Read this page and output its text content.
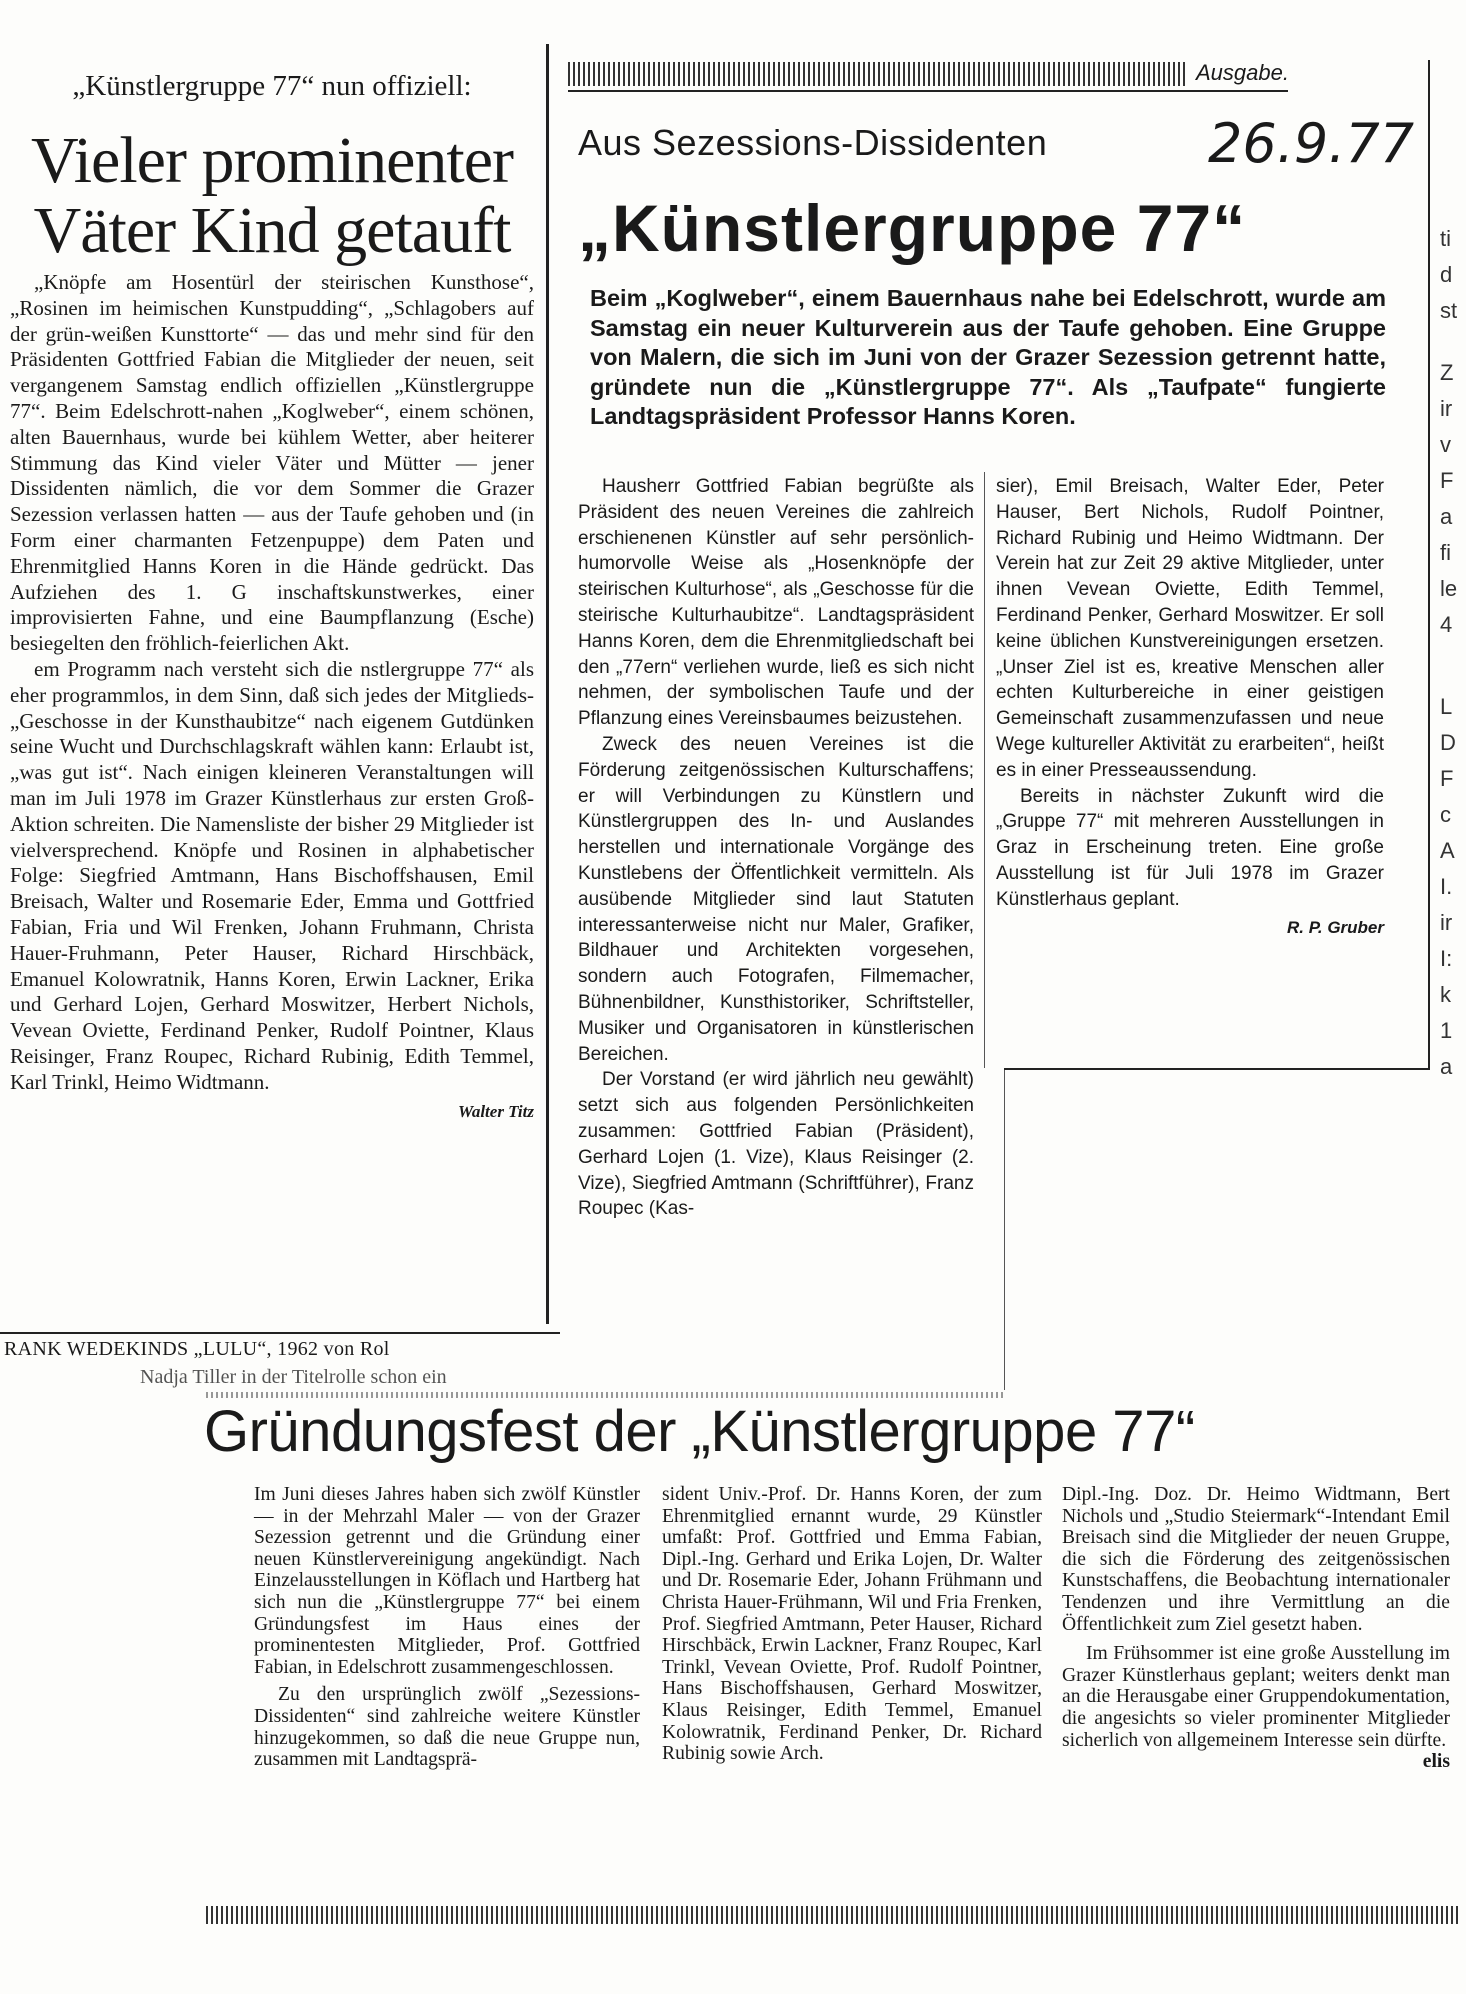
„Künstlergruppe 77“ nun offiziell:
Vieler prominenter
Väter Kind getauft

„Knöpfe am Hosentürl der steirischen Kunsthose“, „Rosinen im heimischen Kunstpudding“, „Schlagobers auf der grün-weißen Kunsttorte“ — das und mehr sind für den Präsidenten Gottfried Fabian die Mitglieder der neuen, seit vergangenem Samstag endlich offiziellen „Künstlergruppe 77“. Beim Edelschrott-nahen „Koglweber“, einem schönen, alten Bauernhaus, wurde bei kühlem Wetter, aber heiterer Stimmung das Kind vieler Väter und Mütter — jener Dissidenten nämlich, die vor dem Sommer die Grazer Sezession verlassen hatten — aus der Taufe gehoben und (in Form einer charmanten Fetzenpuppe) dem Paten und Ehrenmitglied Hanns Koren in die Hände gedrückt. Das Aufziehen des 1. G inschaftskunstwerkes, einer improvisierten Fahne, und eine Baumpflanzung (Esche) besiegelten den fröhlich-feierlichen Akt.

em Programm nach versteht sich die nstlergruppe 77“ als eher programmlos, in dem Sinn, daß sich jedes der Mitglieds-„Geschosse in der Kunsthaubitze“ nach eigenem Gutdünken seine Wucht und Durchschlagskraft wählen kann: Erlaubt ist, „was gut ist“. Nach einigen kleineren Veranstaltungen will man im Juli 1978 im Grazer Künstlerhaus zur ersten Groß-Aktion schreiten. Die Namensliste der bisher 29 Mitglieder ist vielversprechend. Knöpfe und Rosinen in alphabetischer Folge: Siegfried Amtmann, Hans Bischoffshausen, Emil Breisach, Walter und Rosemarie Eder, Emma und Gottfried Fabian, Fria und Wil Frenken, Johann Fruhmann, Christa Hauer-Fruhmann, Peter Hauser, Richard Hirschbäck, Emanuel Kolowratnik, Hanns Koren, Erwin Lackner, Erika und Gerhard Lojen, Gerhard Moswitzer, Herbert Nichols, Vevean Oviette, Ferdinand Penker, Rudolf Pointner, Klaus Reisinger, Franz Roupec, Richard Rubinig, Edith Temmel, Karl Trinkl, Heimo Widtmann.

Walter Titz
Ausgabe.
Aus Sezessions-Dissidenten	26.9.77
„Künstlergruppe 77“
Beim „Koglweber“, einem Bauernhaus nahe bei Edelschrott, wurde am Samstag ein neuer Kulturverein aus der Taufe gehoben. Eine Gruppe von Malern, die sich im Juni von der Grazer Sezession getrennt hatte, gründete nun die „Künstlergruppe 77“. Als „Taufpate“ fungierte Landtagspräsident Professor Hanns Koren.

Hausherr Gottfried Fabian begrüßte als Präsident des neuen Vereines die zahlreich erschienenen Künstler auf sehr persönlich-humorvolle Weise als „Hosenknöpfe der steirischen Kulturhose“, als „Geschosse für die steirische Kulturhaubitze“. Landtagspräsident Hanns Koren, dem die Ehrenmitgliedschaft bei den „77ern“ verliehen wurde, ließ es sich nicht nehmen, der symbolischen Taufe und der Pflanzung eines Vereinsbaumes beizustehen.

Zweck des neuen Vereines ist die Förderung zeitgenössischen Kulturschaffens; er will Verbindungen zu Künstlern und Künstlergruppen des In- und Auslandes herstellen und internationale Vorgänge des Kunstlebens der Öffentlichkeit vermitteln. Als ausübende Mitglieder sind laut Statuten interessanterweise nicht nur Maler, Grafiker, Bildhauer und Architekten vorgesehen, sondern auch Fotografen, Filmemacher, Bühnenbildner, Kunsthistoriker, Schriftsteller, Musiker und Organisatoren in künstlerischen Bereichen.

Der Vorstand (er wird jährlich neu gewählt) setzt sich aus folgenden Persönlichkeiten zusammen: Gottfried Fabian (Präsident), Gerhard Lojen (1. Vize), Klaus Reisinger (2. Vize), Siegfried Amtmann (Schriftführer), Franz Roupec (Kas-

sier), Emil Breisach, Walter Eder, Peter Hauser, Bert Nichols, Rudolf Pointner, Richard Rubinig und Heimo Widtmann. Der Verein hat zur Zeit 29 aktive Mitglieder, unter ihnen Vevean Oviette, Edith Temmel, Ferdinand Penker, Gerhard Moswitzer. Er soll keine üblichen Kunstvereinigungen ersetzen. „Unser Ziel ist es, kreative Menschen aller echten Kulturbereiche in einer geistigen Gemeinschaft zusammenzufassen und neue Wege kultureller Aktivität zu erarbeiten“, heißt es in einer Presseaussendung.

Bereits in nächster Zukunft wird die „Gruppe 77“ mit mehreren Ausstellungen in Graz in Erscheinung treten. Eine große Ausstellung ist für Juli 1978 im Grazer Künstlerhaus geplant.

R. P. Gruber
ti
d
st
Z
ir
v
F
a
fi
le
4
L
D
F
c
A
I.
ir
I:
k
1
a
RANK WEDEKINDS „LULU“, 1962 von Rol
Nadja Tiller in der Titelrolle schon ein
Gründungsfest der „Künstlergruppe 77“

Im Juni dieses Jahres haben sich zwölf Künstler — in der Mehrzahl Maler — von der Grazer Sezession getrennt und die Gründung einer neuen Künstlervereinigung angekündigt. Nach Einzelausstellungen in Köflach und Hartberg hat sich nun die „Künstlergruppe 77“ bei einem Gründungsfest im Haus eines der prominentesten Mitglieder, Prof. Gottfried Fabian, in Edelschrott zusammengeschlossen.

Zu den ursprünglich zwölf „Sezessions-Dissidenten“ sind zahlreiche weitere Künstler hinzugekommen, so daß die neue Gruppe nun, zusammen mit Landtagsprä-

sident Univ.-Prof. Dr. Hanns Koren, der zum Ehrenmitglied ernannt wurde, 29 Künstler umfaßt: Prof. Gottfried und Emma Fabian, Dipl.-Ing. Gerhard und Erika Lojen, Dr. Walter und Dr. Rosemarie Eder, Johann Frühmann und Christa Hauer-Frühmann, Wil und Fria Frenken, Prof. Siegfried Amtmann, Peter Hauser, Richard Hirschbäck, Erwin Lackner, Franz Roupec, Karl Trinkl, Vevean Oviette, Prof. Rudolf Pointner, Hans Bischoffshausen, Gerhard Moswitzer, Klaus Reisinger, Edith Temmel, Emanuel Kolowratnik, Ferdinand Penker, Dr. Richard Rubinig sowie Arch.

Dipl.-Ing. Doz. Dr. Heimo Widtmann, Bert Nichols und „Studio Steiermark“-Intendant Emil Breisach sind die Mitglieder der neuen Gruppe, die sich die Förderung des zeitgenössischen Kunstschaffens, die Beobachtung internationaler Tendenzen und ihre Vermittlung an die Öffentlichkeit zum Ziel gesetzt haben.

Im Frühsommer ist eine große Ausstellung im Grazer Künstlerhaus geplant; weiters denkt man an die Herausgabe einer Gruppendokumentation, die angesichts so vieler prominenter Mitglieder sicherlich von allgemeinem Interesse sein dürfte.

elis
